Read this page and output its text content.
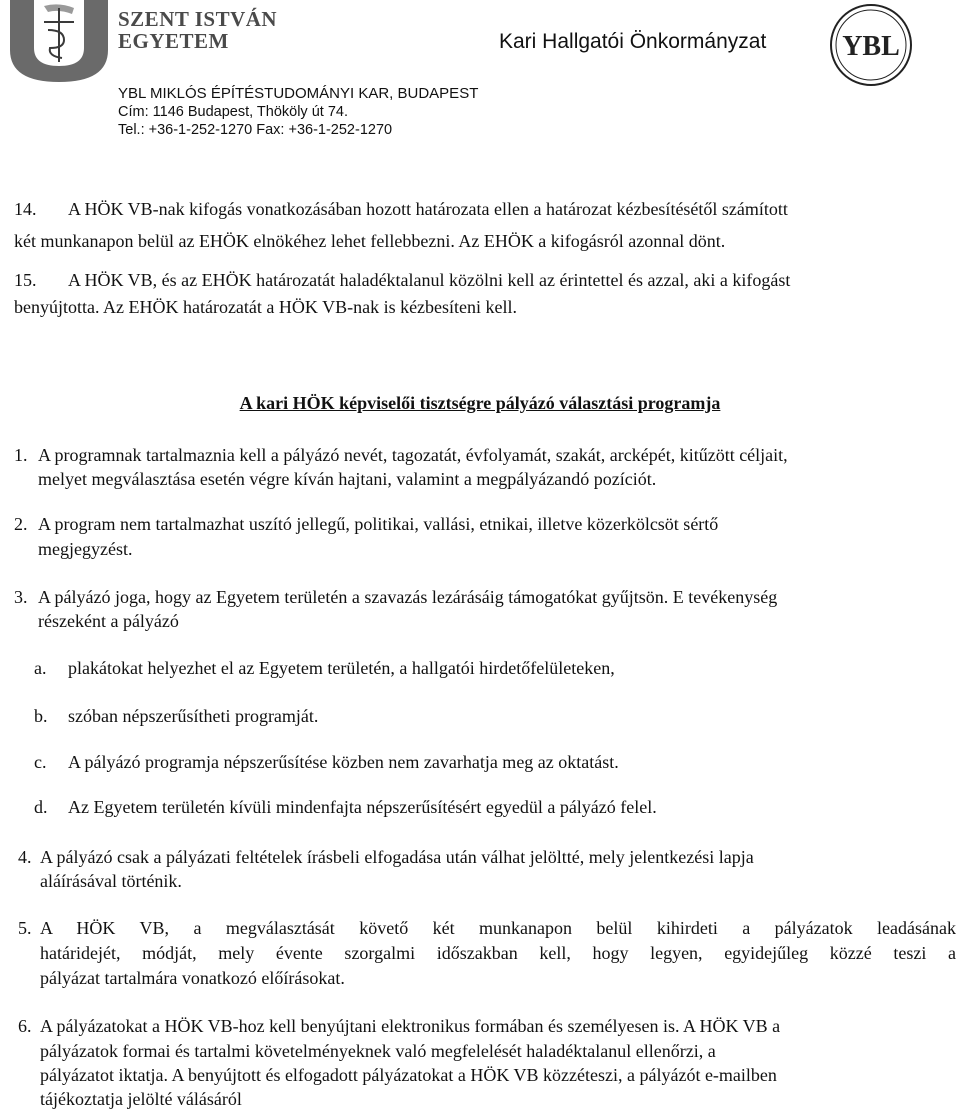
SZENT ISTVÁN
EGYETEM	Kari Hallgatói Önkormányzat	YBL
YBL MIKLÓS ÉPÍTÉSTUDOMÁNYI KAR, BUDAPEST
Cím: 1146 Budapest, Thököly út 74.
Tel.: +36-1-252-1270 Fax: +36-1-252-1270
14. A HÖK VB-nak kifogás vonatkozásában hozott határozata ellen a határozat kézbesítésétől számított
két munkanapon belül az EHÖK elnökéhez lehet fellebbezni. Az EHÖK a kifogásról azonnal dönt.
15. A HÖK VB, és az EHÖK határozatát haladéktalanul közölni kell az érintettel és azzal, aki a kifogást
benyújtotta. Az EHÖK határozatát a HÖK VB-nak is kézbesíteni kell.
A kari HÖK képviselői tisztségre pályázó választási programja
1. A programnak tartalmaznia kell a pályázó nevét, tagozatát, évfolyamát, szakát, arcképét, kitűzött céljait,
melyet megválasztása esetén végre kíván hajtani, valamint a megpályázandó pozíciót.
2. A program nem tartalmazhat uszító jellegű, politikai, vallási, etnikai, illetve közerkölcsöt sértő
megjegyzést.
3. A pályázó joga, hogy az Egyetem területén a szavazás lezárásáig támogatókat gyűjtsön. E tevékenység
részeként a pályázó
a. plakátokat helyezhet el az Egyetem területén, a hallgatói hirdetőfelületeken,
b. szóban népszerűsítheti programját.
c. A pályázó programja népszerűsítése közben nem zavarhatja meg az oktatást.
d. Az Egyetem területén kívüli mindenfajta népszerűsítésért egyedül a pályázó felel.
4. A pályázó csak a pályázati feltételek írásbeli elfogadása után válhat jelöltté, mely jelentkezési lapja
aláírásával történik.
5. A HÖK VB, a megválasztását követő két munkanapon belül kihirdeti a pályázatok leadásának
határidejét, módját, mely évente szorgalmi időszakban kell, hogy legyen, egyidejűleg közzé teszi a
pályázat tartalmára vonatkozó előírásokat.
6. A pályázatokat a HÖK VB-hoz kell benyújtani elektronikus formában és személyesen is. A HÖK VB a
pályázatok formai és tartalmi követelményeknek való megfelelését haladéktalanul ellenőrzi, a
pályázatot iktatja. A benyújtott és elfogadott pályázatokat a HÖK VB közzéteszi, a pályázót e-mailben
tájékoztatja jelölté válásáról
